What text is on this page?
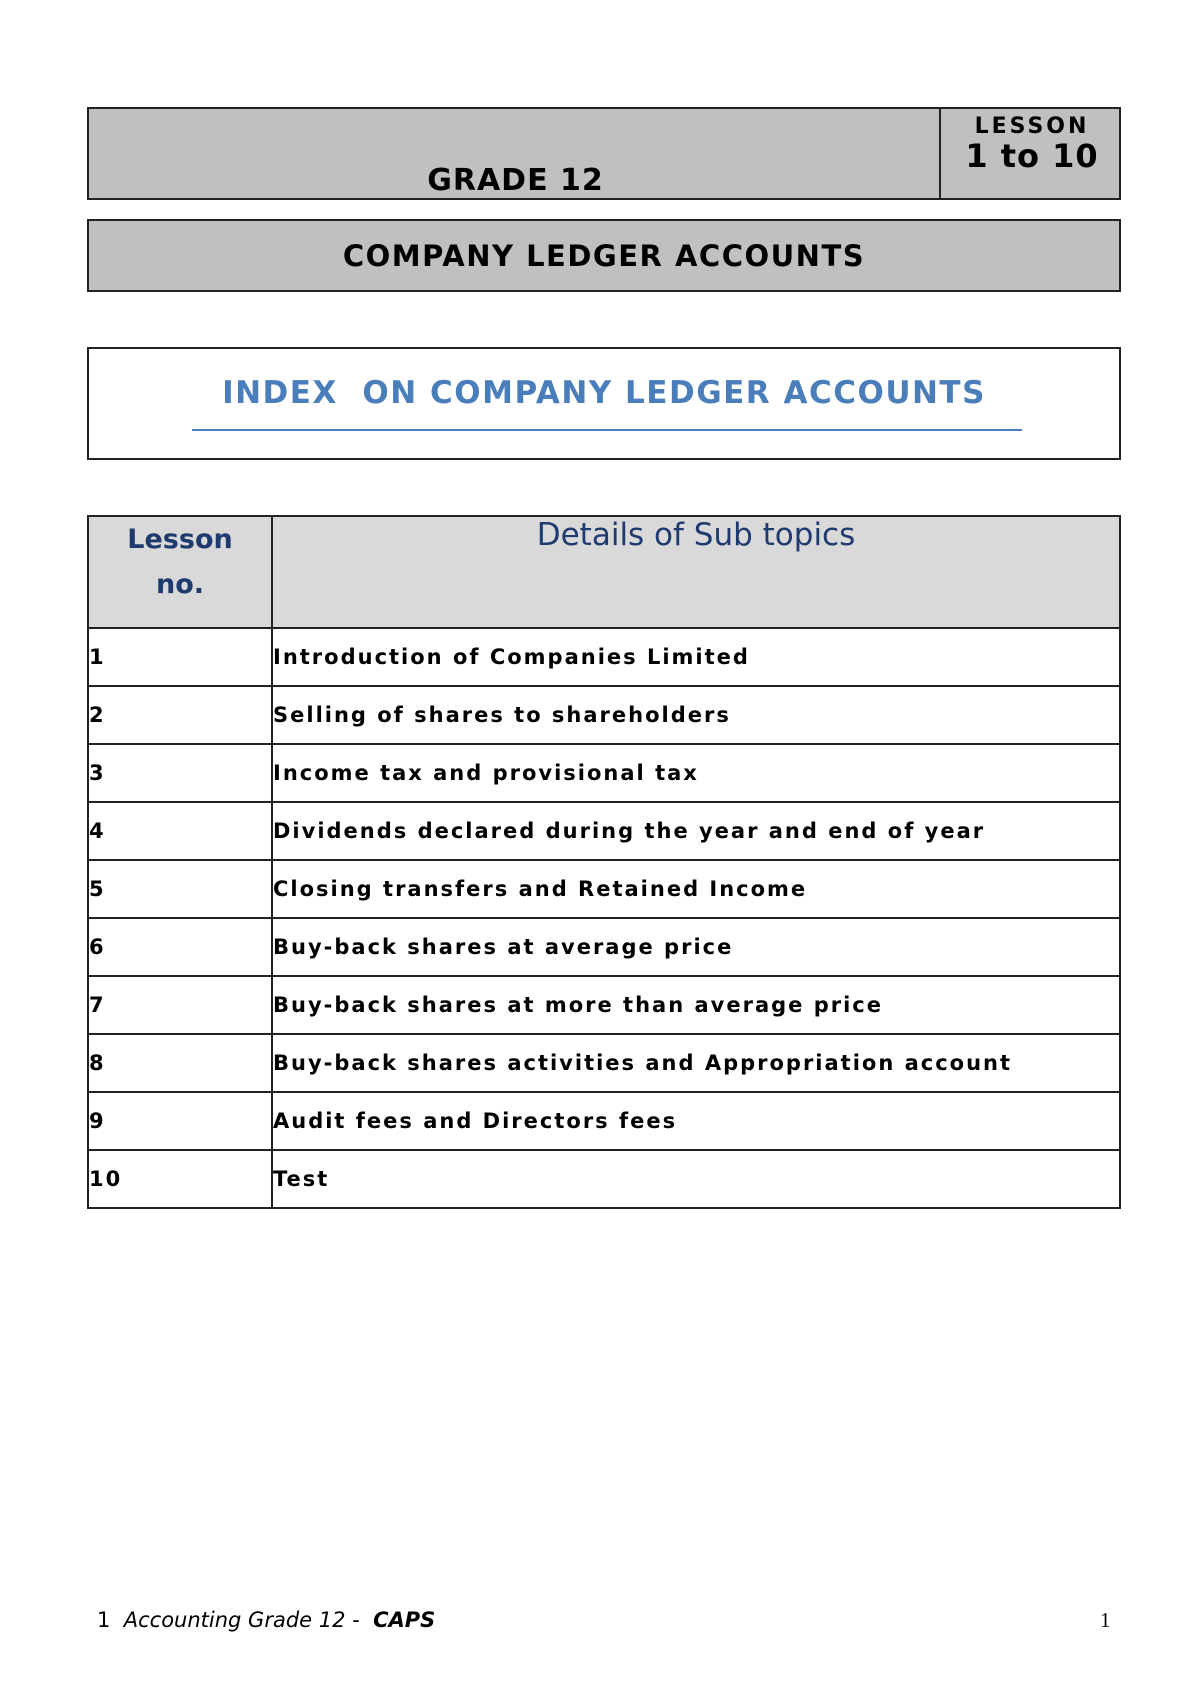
GRADE 12
LESSON
1 to 10
COMPANY LEDGER ACCOUNTS
INDEX  ON COMPANY LEDGER ACCOUNTS
Lesson
no.	Details of Sub topics
1	Introduction of Companies Limited
2	Selling of shares to shareholders
3	Income tax and provisional tax
4	Dividends declared during the year and end of year
5	Closing transfers and Retained Income
6	Buy-back shares at average price
7	Buy-back shares at more than average price
8	Buy-back shares activities and Appropriation account
9	Audit fees and Directors fees
10	Test
1 Accounting Grade 12 - CAPS	1
